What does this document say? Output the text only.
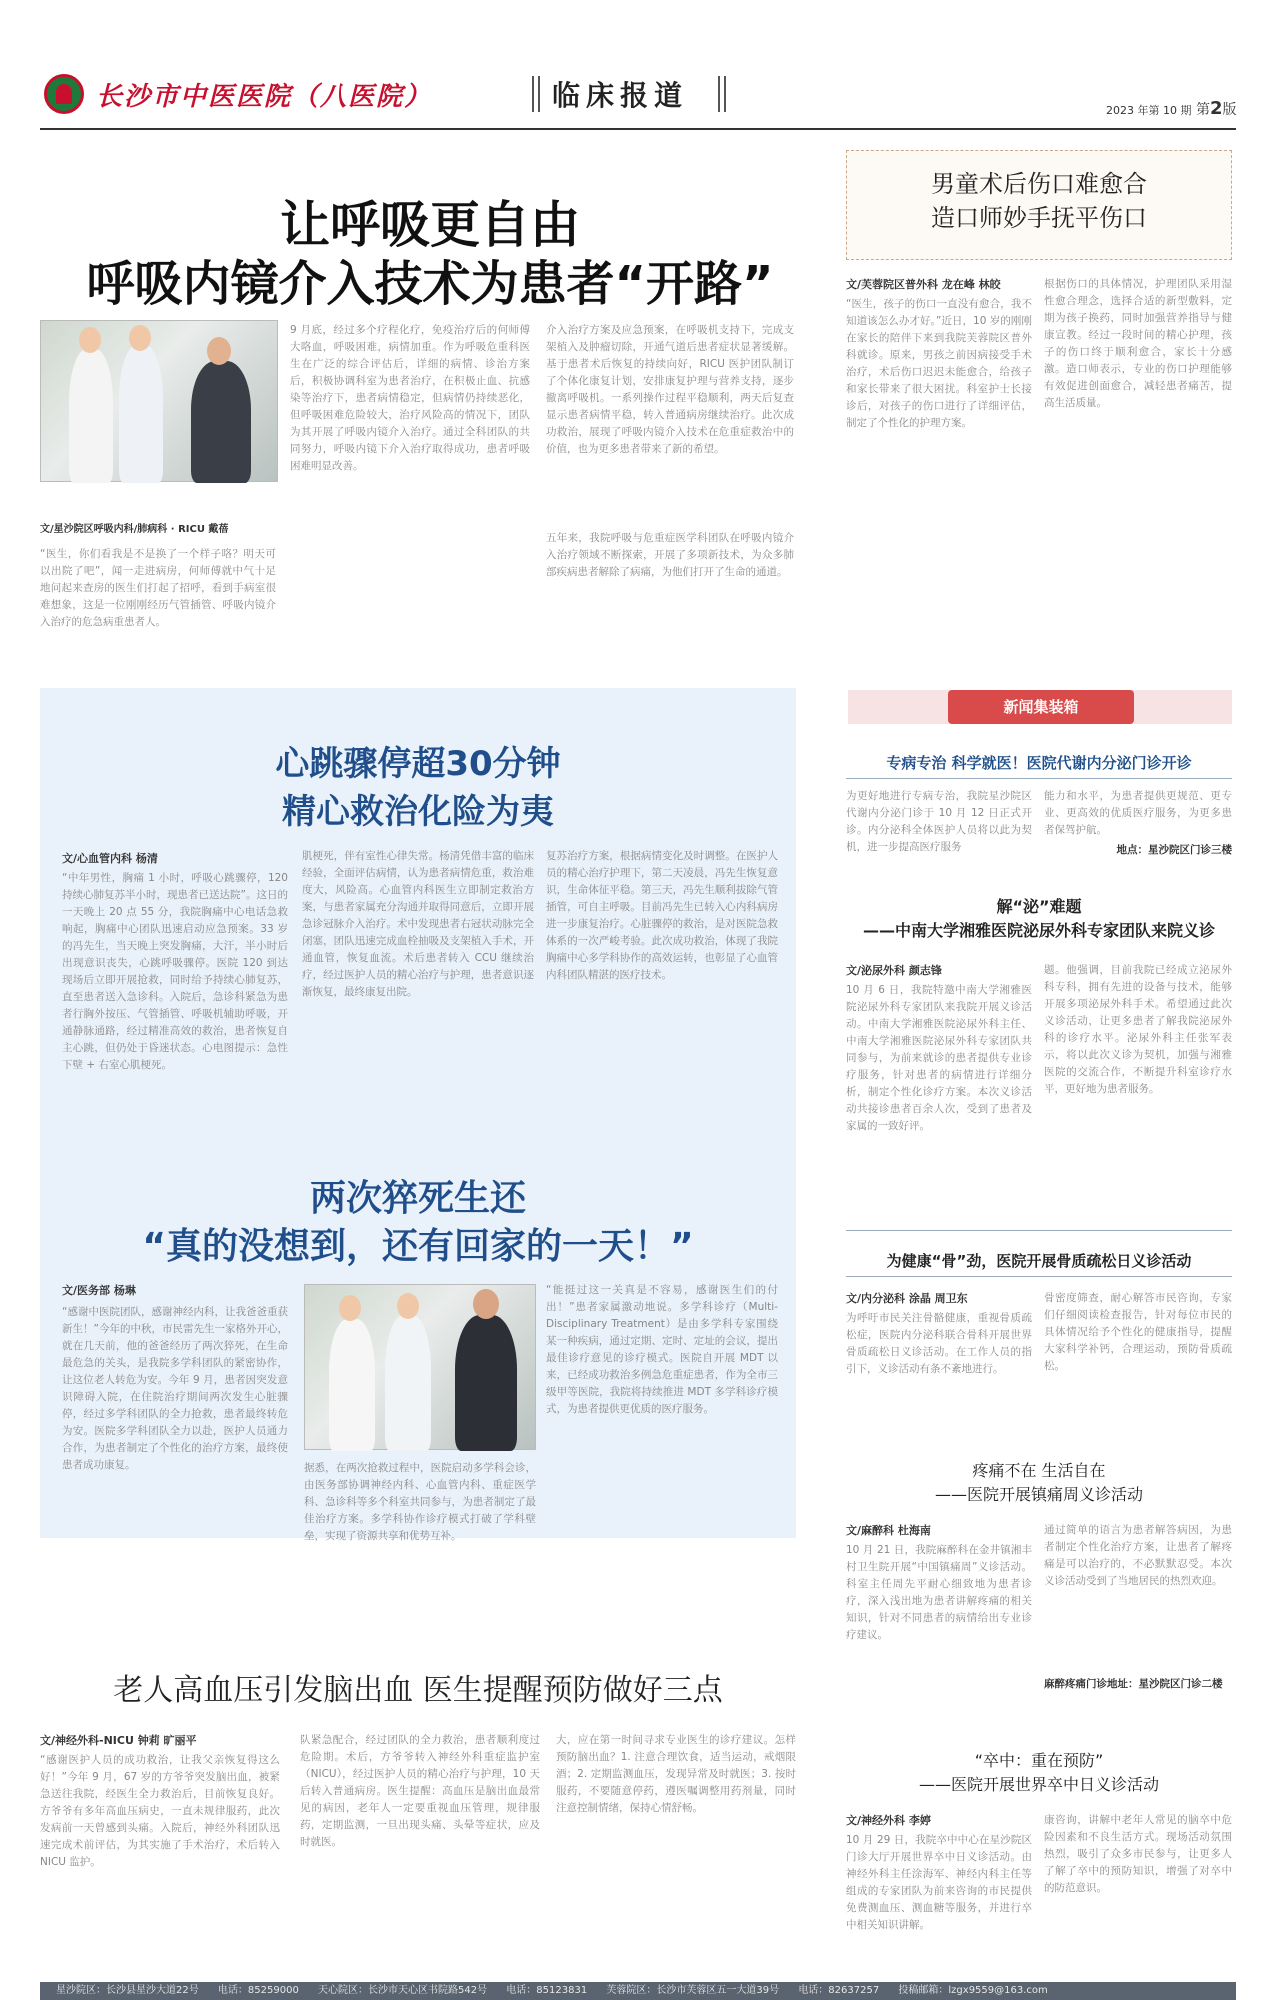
长沙市中医医院（八医院）	临床报道	2023 年第 10 期 第2版
让呼吸更自由
呼吸内镜介入技术为患者“开路”
文/星沙院区呼吸内科/肺病科 · RICU 戴蓓
“医生，你们看我是不是换了一个样子咯？明天可以出院了吧”，闻一走进病房，何师傅就中气十足地问起来查房的医生们打起了招呼，看到手病室很难想象，这是一位刚刚经历气管插管、呼吸内镜介入治疗的危急病重患者人。
9 月底，经过多个疗程化疗，免疫治疗后的何师傅大咯血，呼吸困难，病情加重。作为呼吸危重科医生在广泛的综合评估后，详细的病情、诊治方案后，积极协调科室为患者治疗，在积极止血、抗感染等治疗下，患者病情稳定，但病情仍持续恶化，但呼吸困难危险较大，治疗风险高的情况下，团队为其开展了呼吸内镜介入治疗。通过全科团队的共同努力，呼吸内镜下介入治疗取得成功，患者呼吸困难明显改善。
介入治疗方案及应急预案，在呼吸机支持下，完成支架植入及肿瘤切除，开通气道后患者症状显著缓解。基于患者术后恢复的持续向好，RICU 医护团队制订了个体化康复计划，安排康复护理与营养支持，逐步撤离呼吸机。一系列操作过程平稳顺利，两天后复查显示患者病情平稳，转入普通病房继续治疗。此次成功救治，展现了呼吸内镜介入技术在危重症救治中的价值，也为更多患者带来了新的希望。
五年来，我院呼吸与危重症医学科团队在呼吸内镜介入治疗领域不断探索，开展了多项新技术，为众多肺部疾病患者解除了病痛，为他们打开了生命的通道。
心跳骤停超30分钟
精心救治化险为夷
文/心血管内科 杨清
“中年男性，胸痛 1 小时，呼吸心跳骤停，120 持续心肺复苏半小时，现患者已送达院”。这日的一天晚上 20 点 55 分，我院胸痛中心电话急救响起，胸痛中心团队迅速启动应急预案。33 岁的冯先生，当天晚上突发胸痛，大汗，半小时后出现意识丧失，心跳呼吸骤停。医院 120 到达现场后立即开展抢救，同时给予持续心肺复苏，直至患者送入急诊科。入院后，急诊科紧急为患者行胸外按压、气管插管、呼吸机辅助呼吸，开通静脉通路，经过精准高效的救治，患者恢复自主心跳，但仍处于昏迷状态。心电图提示：急性下壁 + 右室心肌梗死。
肌梗死，伴有室性心律失常。杨清凭借丰富的临床经验，全面评估病情，认为患者病情危重，救治难度大，风险高。心血管内科医生立即制定救治方案，与患者家属充分沟通并取得同意后，立即开展急诊冠脉介入治疗。术中发现患者右冠状动脉完全闭塞，团队迅速完成血栓抽吸及支架植入手术，开通血管，恢复血流。术后患者转入 CCU 继续治疗，经过医护人员的精心治疗与护理，患者意识逐渐恢复，最终康复出院。
复苏治疗方案，根据病情变化及时调整。在医护人员的精心治疗护理下，第二天凌晨，冯先生恢复意识，生命体征平稳。第三天，冯先生顺利拔除气管插管，可自主呼吸。目前冯先生已转入心内科病房进一步康复治疗。心脏骤停的救治，是对医院急救体系的一次严峻考验。此次成功救治，体现了我院胸痛中心多学科协作的高效运转，也彰显了心血管内科团队精湛的医疗技术。
两次猝死生还
“真的没想到，还有回家的一天！”
文/医务部 杨琳
“感谢中医院团队，感谢神经内科，让我爸爸重获新生！”今年的中秋，市民雷先生一家格外开心，就在几天前，他的爸爸经历了两次猝死，在生命最危急的关头，是我院多学科团队的紧密协作，让这位老人转危为安。今年 9 月，患者因突发意识障碍入院，在住院治疗期间两次发生心脏骤停，经过多学科团队的全力抢救，患者最终转危为安。医院多学科团队全力以赴，医护人员通力合作，为患者制定了个性化的治疗方案，最终使患者成功康复。	据悉，在两次抢救过程中，医院启动多学科会诊，由医务部协调神经内科、心血管内科、重症医学科、急诊科等多个科室共同参与，为患者制定了最佳治疗方案。多学科协作诊疗模式打破了学科壁垒，实现了资源共享和优势互补。
“能挺过这一关真是不容易，感谢医生们的付出！”患者家属激动地说。多学科诊疗（Multi-Disciplinary Treatment）是由多学科专家围绕某一种疾病，通过定期、定时、定址的会议，提出最佳诊疗意见的诊疗模式。医院自开展 MDT 以来，已经成功救治多例急危重症患者，作为全市三级甲等医院，我院将持续推进 MDT 多学科诊疗模式，为患者提供更优质的医疗服务。
老人高血压引发脑出血 医生提醒预防做好三点
文/神经外科-NICU 钟莉 旷丽平
“感谢医护人员的成功救治，让我父亲恢复得这么好！”今年 9 月，67 岁的方爷爷突发脑出血，被紧急送往我院，经医生全力救治后，目前恢复良好。方爷爷有多年高血压病史，一直未规律服药，此次发病前一天曾感到头痛。入院后，神经外科团队迅速完成术前评估，为其实施了手术治疗，术后转入 NICU 监护。
队紧急配合，经过团队的全力救治，患者顺利度过危险期。术后，方爷爷转入神经外科重症监护室（NICU），经过医护人员的精心治疗与护理，10 天后转入普通病房。医生提醒：高血压是脑出血最常见的病因，老年人一定要重视血压管理，规律服药，定期监测，一旦出现头痛、头晕等症状，应及时就医。
大，应在第一时间寻求专业医生的诊疗建议。怎样预防脑出血？1. 注意合理饮食，适当运动，戒烟限酒；2. 定期监测血压，发现异常及时就医；3. 按时服药，不要随意停药，遵医嘱调整用药剂量，同时注意控制情绪，保持心情舒畅。
男童术后伤口难愈合
造口师妙手抚平伤口
文/芙蓉院区普外科 龙在峰 林皎
“医生，孩子的伤口一直没有愈合，我不知道该怎么办才好。”近日，10 岁的刚刚在家长的陪伴下来到我院芙蓉院区普外科就诊。原来，男孩之前因病接受手术治疗，术后伤口迟迟未能愈合，给孩子和家长带来了很大困扰。科室护士长接诊后，对孩子的伤口进行了详细评估，制定了个性化的护理方案。
根据伤口的具体情况，护理团队采用湿性愈合理念，选择合适的新型敷料，定期为孩子换药，同时加强营养指导与健康宣教。经过一段时间的精心护理，孩子的伤口终于顺利愈合，家长十分感激。造口师表示，专业的伤口护理能够有效促进创面愈合，减轻患者痛苦，提高生活质量。
新闻集装箱
专病专治 科学就医！医院代谢内分泌门诊开诊
为更好地进行专病专治，我院星沙院区代谢内分泌门诊于 10 月 12 日正式开诊。内分泌科全体医护人员将以此为契机，进一步提高医疗服务
能力和水平，为患者提供更规范、更专业、更高效的优质医疗服务，为更多患者保驾护航。
地点：星沙院区门诊三楼
解“泌”难题
——中南大学湘雅医院泌尿外科专家团队来院义诊
文/泌尿外科 颜志锋
10 月 6 日，我院特邀中南大学湘雅医院泌尿外科专家团队来我院开展义诊活动。中南大学湘雅医院泌尿外科主任、中南大学湘雅医院泌尿外科专家团队共同参与，为前来就诊的患者提供专业诊疗服务，针对患者的病情进行详细分析，制定个性化诊疗方案。本次义诊活动共接诊患者百余人次，受到了患者及家属的一致好评。
题。他强调，目前我院已经成立泌尿外科专科，拥有先进的设备与技术，能够开展多项泌尿外科手术。希望通过此次义诊活动，让更多患者了解我院泌尿外科的诊疗水平。泌尿外科主任张军表示，将以此次义诊为契机，加强与湘雅医院的交流合作，不断提升科室诊疗水平，更好地为患者服务。
为健康“骨”劲，医院开展骨质疏松日义诊活动
文/内分泌科 涂晶 周卫东
为呼吁市民关注骨骼健康，重视骨质疏松症，医院内分泌科联合骨科开展世界骨质疏松日义诊活动。在工作人员的指引下，义诊活动有条不紊地进行。
骨密度筛查，耐心解答市民咨询，专家们仔细阅读检查报告，针对每位市民的具体情况给予个性化的健康指导，提醒大家科学补钙，合理运动，预防骨质疏松。
疼痛不在 生活自在
——医院开展镇痛周义诊活动
文/麻醉科 杜海南
10 月 21 日，我院麻醉科在金井镇湘丰村卫生院开展“中国镇痛周”义诊活动。科室主任周先平耐心细致地为患者诊疗，深入浅出地为患者讲解疼痛的相关知识，针对不同患者的病情给出专业诊疗建议。
通过简单的语言为患者解答病因，为患者制定个性化治疗方案，让患者了解疼痛是可以治疗的，不必默默忍受。本次义诊活动受到了当地居民的热烈欢迎。
麻醉疼痛门诊地址：星沙院区门诊二楼
“卒中：重在预防”
——医院开展世界卒中日义诊活动
文/神经外科 李婷
10 月 29 日，我院卒中中心在星沙院区门诊大厅开展世界卒中日义诊活动。由神经外科主任涂海军、神经内科主任等组成的专家团队为前来咨询的市民提供免费测血压、测血糖等服务，并进行卒中相关知识讲解。
康咨询，讲解中老年人常见的脑卒中危险因素和不良生活方式。现场活动氛围热烈，吸引了众多市民参与，让更多人了解了卒中的预防知识，增强了对卒中的防范意识。
星沙院区：长沙县星沙大道22号 电话：85259000 天心院区：长沙市天心区书院路542号 电话：85123831 芙蓉院区：长沙市芙蓉区五一大道39号 电话：82637257 投稿邮箱：lzgx9559@163.com
